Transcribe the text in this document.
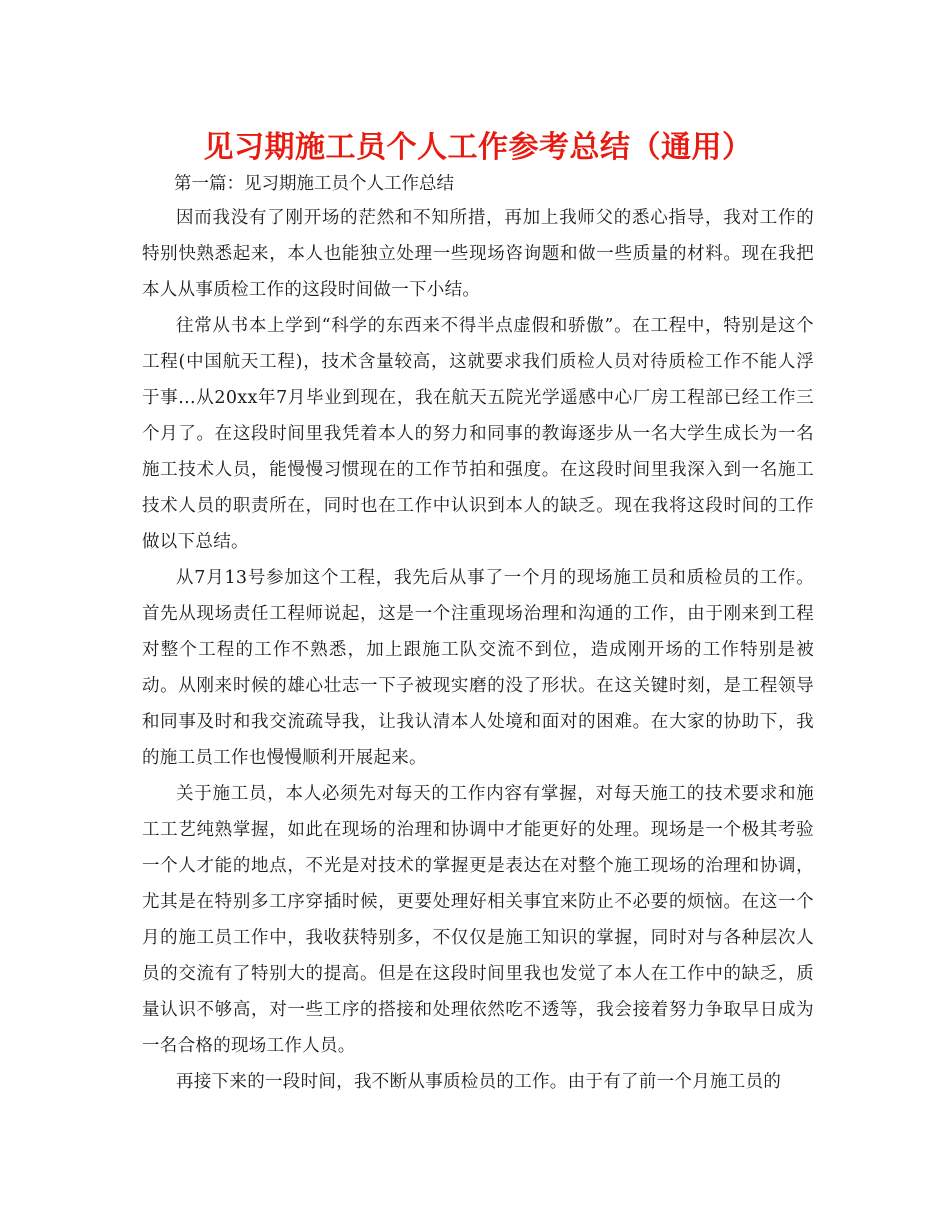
见习期施工员个人工作参考总结（通用）

第一篇：见习期施工员个人工作总结

因而我没有了刚开场的茫然和不知所措，再加上我师父的悉心指导，我对工作的特别快熟悉起来，本人也能独立处理一些现场咨询题和做一些质量的材料。现在我把本人从事质检工作的这段时间做一下小结。

往常从书本上学到“科学的东西来不得半点虚假和骄傲”。在工程中，特别是这个工程(中国航天工程)，技术含量较高，这就要求我们质检人员对待质检工作不能人浮于事...从20xx年7月毕业到现在，我在航天五院光学遥感中心厂房工程部已经工作三个月了。在这段时间里我凭着本人的努力和同事的教诲逐步从一名大学生成长为一名施工技术人员，能慢慢习惯现在的工作节拍和强度。在这段时间里我深入到一名施工技术人员的职责所在，同时也在工作中认识到本人的缺乏。现在我将这段时间的工作做以下总结。

从7月13号参加这个工程，我先后从事了一个月的现场施工员和质检员的工作。首先从现场责任工程师说起，这是一个注重现场治理和沟通的工作，由于刚来到工程对整个工程的工作不熟悉，加上跟施工队交流不到位，造成刚开场的工作特别是被动。从刚来时候的雄心壮志一下子被现实磨的没了形状。在这关键时刻，是工程领导和同事及时和我交流疏导我，让我认清本人处境和面对的困难。在大家的协助下，我的施工员工作也慢慢顺利开展起来。

关于施工员，本人必须先对每天的工作内容有掌握，对每天施工的技术要求和施工工艺纯熟掌握，如此在现场的治理和协调中才能更好的处理。现场是一个极其考验一个人才能的地点，不光是对技术的掌握更是表达在对整个施工现场的治理和协调，尤其是在特别多工序穿插时候，更要处理好相关事宜来防止不必要的烦恼。在这一个月的施工员工作中，我收获特别多，不仅仅是施工知识的掌握，同时对与各种层次人员的交流有了特别大的提高。但是在这段时间里我也发觉了本人在工作中的缺乏，质量认识不够高，对一些工序的搭接和处理依然吃不透等，我会接着努力争取早日成为一名合格的现场工作人员。

再接下来的一段时间，我不断从事质检员的工作。由于有了前一个月施工员的
